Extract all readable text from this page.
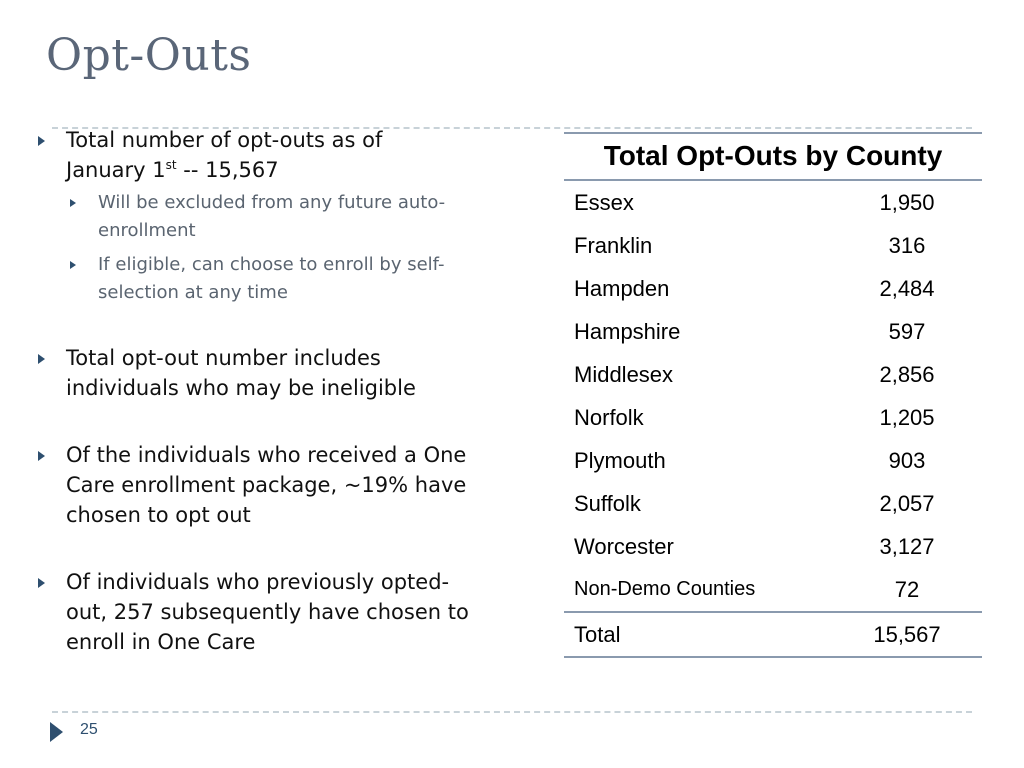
Opt-Outs
Total number of opt-outs as of
January 1st -- 15,567
Will be excluded from any future auto-enrollment
If eligible, can choose to enroll by self-selection at any time
Total opt-out number includes individuals who may be ineligible
Of the individuals who received a One Care enrollment package, ~19% have chosen to opt out
Of individuals who previously opted-out, 257 subsequently have chosen to enroll in One Care
Total Opt-Outs by County	
Essex	1,950
Franklin	316
Hampden	2,484
Hampshire	597
Middlesex	2,856
Norfolk	1,205
Plymouth	903
Suffolk	2,057
Worcester	3,127
Non-Demo Counties	72
Total	15,567
25
